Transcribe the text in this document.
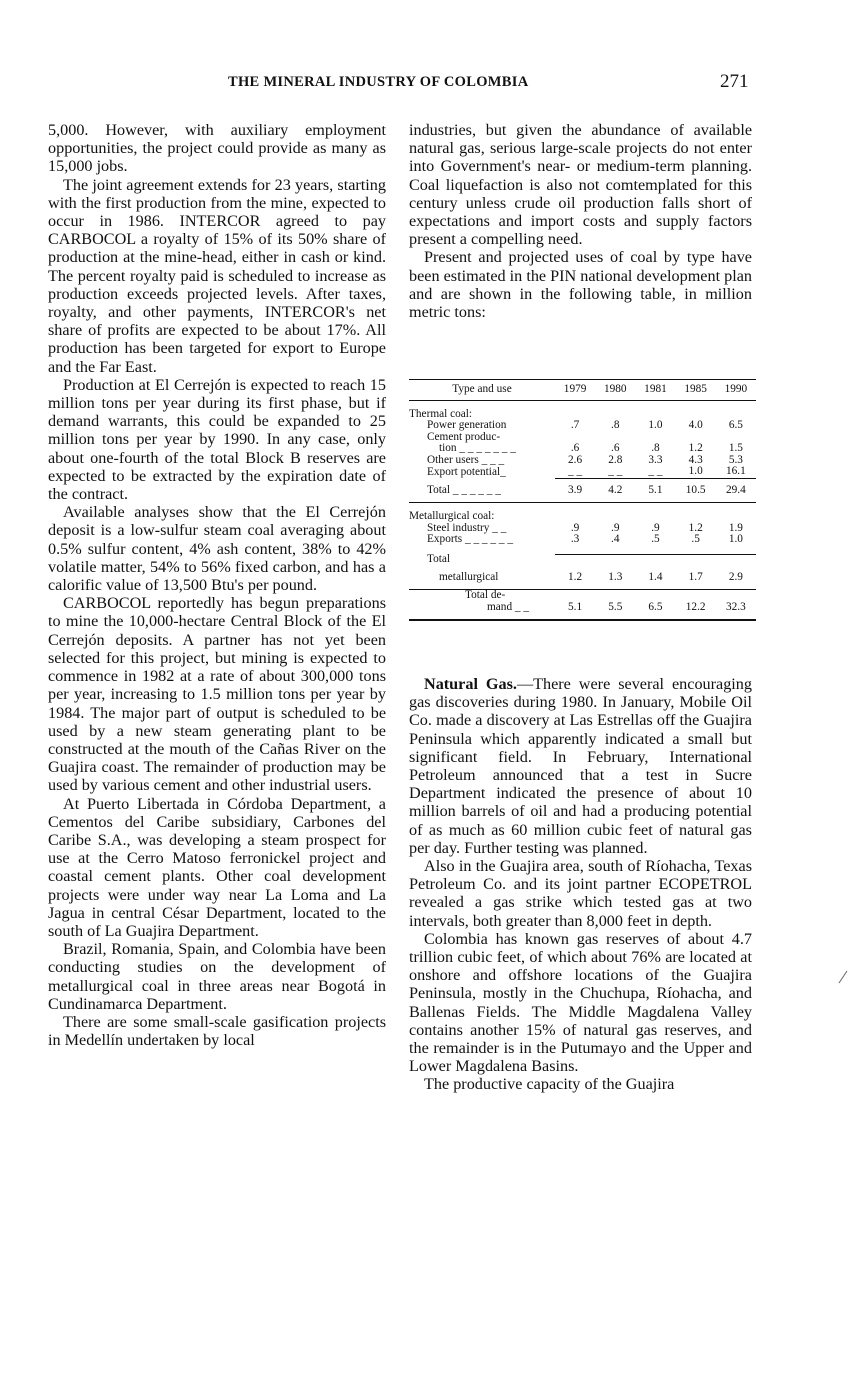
THE MINERAL INDUSTRY OF COLOMBIA	271

5,000. However, with auxiliary employment opportunities, the project could provide as many as 15,000 jobs.

The joint agreement extends for 23 years, starting with the first production from the mine, expected to occur in 1986. INTERCOR agreed to pay CARBOCOL a royalty of 15% of its 50% share of production at the mine-head, either in cash or kind. The percent royalty paid is scheduled to increase as production exceeds projected levels. After taxes, royalty, and other payments, INTERCOR's net share of profits are expected to be about 17%. All production has been targeted for export to Europe and the Far East.

Production at El Cerrejón is expected to reach 15 million tons per year during its first phase, but if demand warrants, this could be expanded to 25 million tons per year by 1990. In any case, only about one-fourth of the total Block B reserves are expected to be extracted by the expiration date of the contract.

Available analyses show that the El Cerrejón deposit is a low-sulfur steam coal averaging about 0.5% sulfur content, 4% ash content, 38% to 42% volatile matter, 54% to 56% fixed carbon, and has a calorific value of 13,500 Btu's per pound.

CARBOCOL reportedly has begun preparations to mine the 10,000-hectare Central Block of the El Cerrejón deposits. A partner has not yet been selected for this project, but mining is expected to commence in 1982 at a rate of about 300,000 tons per year, increasing to 1.5 million tons per year by 1984. The major part of output is scheduled to be used by a new steam generating plant to be constructed at the mouth of the Cañas River on the Guajira coast. The remainder of production may be used by various cement and other industrial users.

At Puerto Libertada in Córdoba Department, a Cementos del Caribe subsidiary, Carbones del Caribe S.A., was developing a steam prospect for use at the Cerro Matoso ferronickel project and coastal cement plants. Other coal development projects were under way near La Loma and La Jagua in central César Department, located to the south of La Guajira Department.

Brazil, Romania, Spain, and Colombia have been conducting studies on the development of metallurgical coal in three areas near Bogotá in Cundinamarca Department.

There are some small-scale gasification projects in Medellín undertaken by local

industries, but given the abundance of available natural gas, serious large-scale projects do not enter into Government's near- or medium-term planning. Coal liquefaction is also not comtemplated for this century unless crude oil production falls short of expectations and import costs and supply factors present a compelling need.

Present and projected uses of coal by type have been estimated in the PIN national development plan and are shown in the following table, in million metric tons:

Type and use	1979	1980	1981	1985	1990

Thermal coal:					
Power generation	.7	.8	1.0	4.0	6.5
Cement produc-					
tion _ _ _ _ _ _ _	.6	.6	.8	1.2	1.5
Other users _ _ _	2.6	2.8	3.3	4.3	5.3
Export potential_	_ _	_ _	_ _	1.0	16.1
Total _ _ _ _ _ _	3.9	4.2	5.1	10.5	29.4

Metallurgical coal:					
Steel industry _ _	.9	.9	.9	1.2	1.9
Exports _ _ _ _ _ _	.3	.4	.5	.5	1.0

Total					
metallurgical	1.2	1.3	1.4	1.7	2.9

Total de-					
mand _ _	5.1	5.5	6.5	12.2	32.3

Natural Gas.—There were several encouraging gas discoveries during 1980. In January, Mobile Oil Co. made a discovery at Las Estrellas off the Guajira Peninsula which apparently indicated a small but significant field. In February, International Petroleum announced that a test in Sucre Department indicated the presence of about 10 million barrels of oil and had a producing potential of as much as 60 million cubic feet of natural gas per day. Further testing was planned.

Also in the Guajira area, south of Ríohacha, Texas Petroleum Co. and its joint partner ECOPETROL revealed a gas strike which tested gas at two intervals, both greater than 8,000 feet in depth.

Colombia has known gas reserves of about 4.7 trillion cubic feet, of which about 76% are located at onshore and offshore locations of the Guajira Peninsula, mostly in the Chuchupa, Ríohacha, and Ballenas Fields. The Middle Magdalena Valley contains another 15% of natural gas reserves, and the remainder is in the Putumayo and the Upper and Lower Magdalena Basins.

The productive capacity of the Guajira
